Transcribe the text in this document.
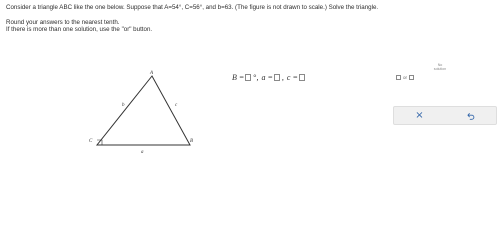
Consider a triangle ABC like the one below. Suppose that A=54°, C=56°, and b=63. (The figure is not drawn to scale.) Solve the triangle.
Round your answers to the nearest tenth.
If there is more than one solution, use the "or" button.
A
B
C
b	c
a
B = °, a = , c =	or
No
solution
×
